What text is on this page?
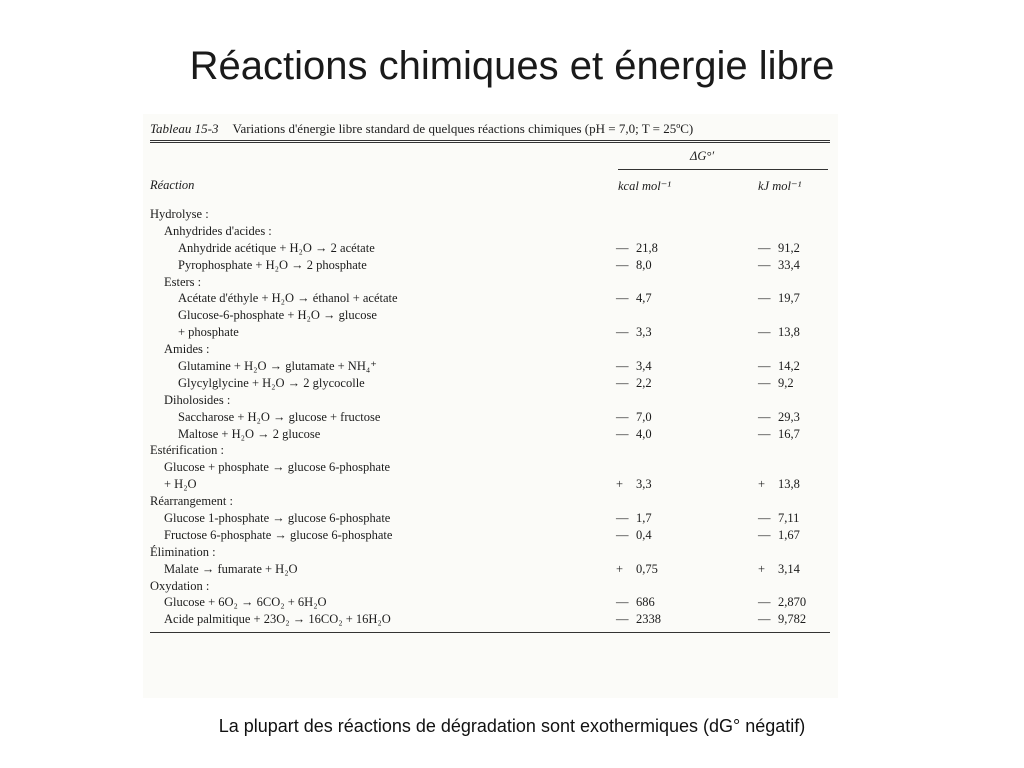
Réactions chimiques et énergie libre
Tableau 15-3 Variations d'énergie libre standard de quelques réactions chimiques (pH = 7,0; T = 25ºC)
ΔG°′
Réaction	kcal mol⁻¹	kJ mol⁻¹
Hydrolyse :
Anhydrides d'acides :
Anhydride acétique + H₂O → 2 acétate	— 21,8	— 91,2
Pyrophosphate + H₂O → 2 phosphate	— 8,0	— 33,4
Esters :
Acétate d'éthyle + H₂O → éthanol + acétate	— 4,7	— 19,7
Glucose-6-phosphate + H₂O → glucose
+ phosphate	— 3,3	— 13,8
Amides :
Glutamine + H₂O → glutamate + NH₄⁺	— 3,4	— 14,2
Glycylglycine + H₂O → 2 glycocolle	— 2,2	— 9,2
Diholosides :
Saccharose + H₂O → glucose + fructose	— 7,0	— 29,3
Maltose + H₂O → 2 glucose	— 4,0	— 16,7
Estérification :
Glucose + phosphate → glucose 6-phosphate
+ H₂O	+ 3,3	+ 13,8
Réarrangement :
Glucose 1-phosphate → glucose 6-phosphate	— 1,7	— 7,11
Fructose 6-phosphate → glucose 6-phosphate	— 0,4	— 1,67
Élimination :
Malate → fumarate + H₂O	+ 0,75	+ 3,14
Oxydation :
Glucose + 6O₂ → 6CO₂ + 6H₂O	— 686	— 2,870
Acide palmitique + 23O₂ → 16CO₂ + 16H₂O	— 2338	— 9,782
La plupart des réactions de dégradation sont exothermiques (dG° négatif)
